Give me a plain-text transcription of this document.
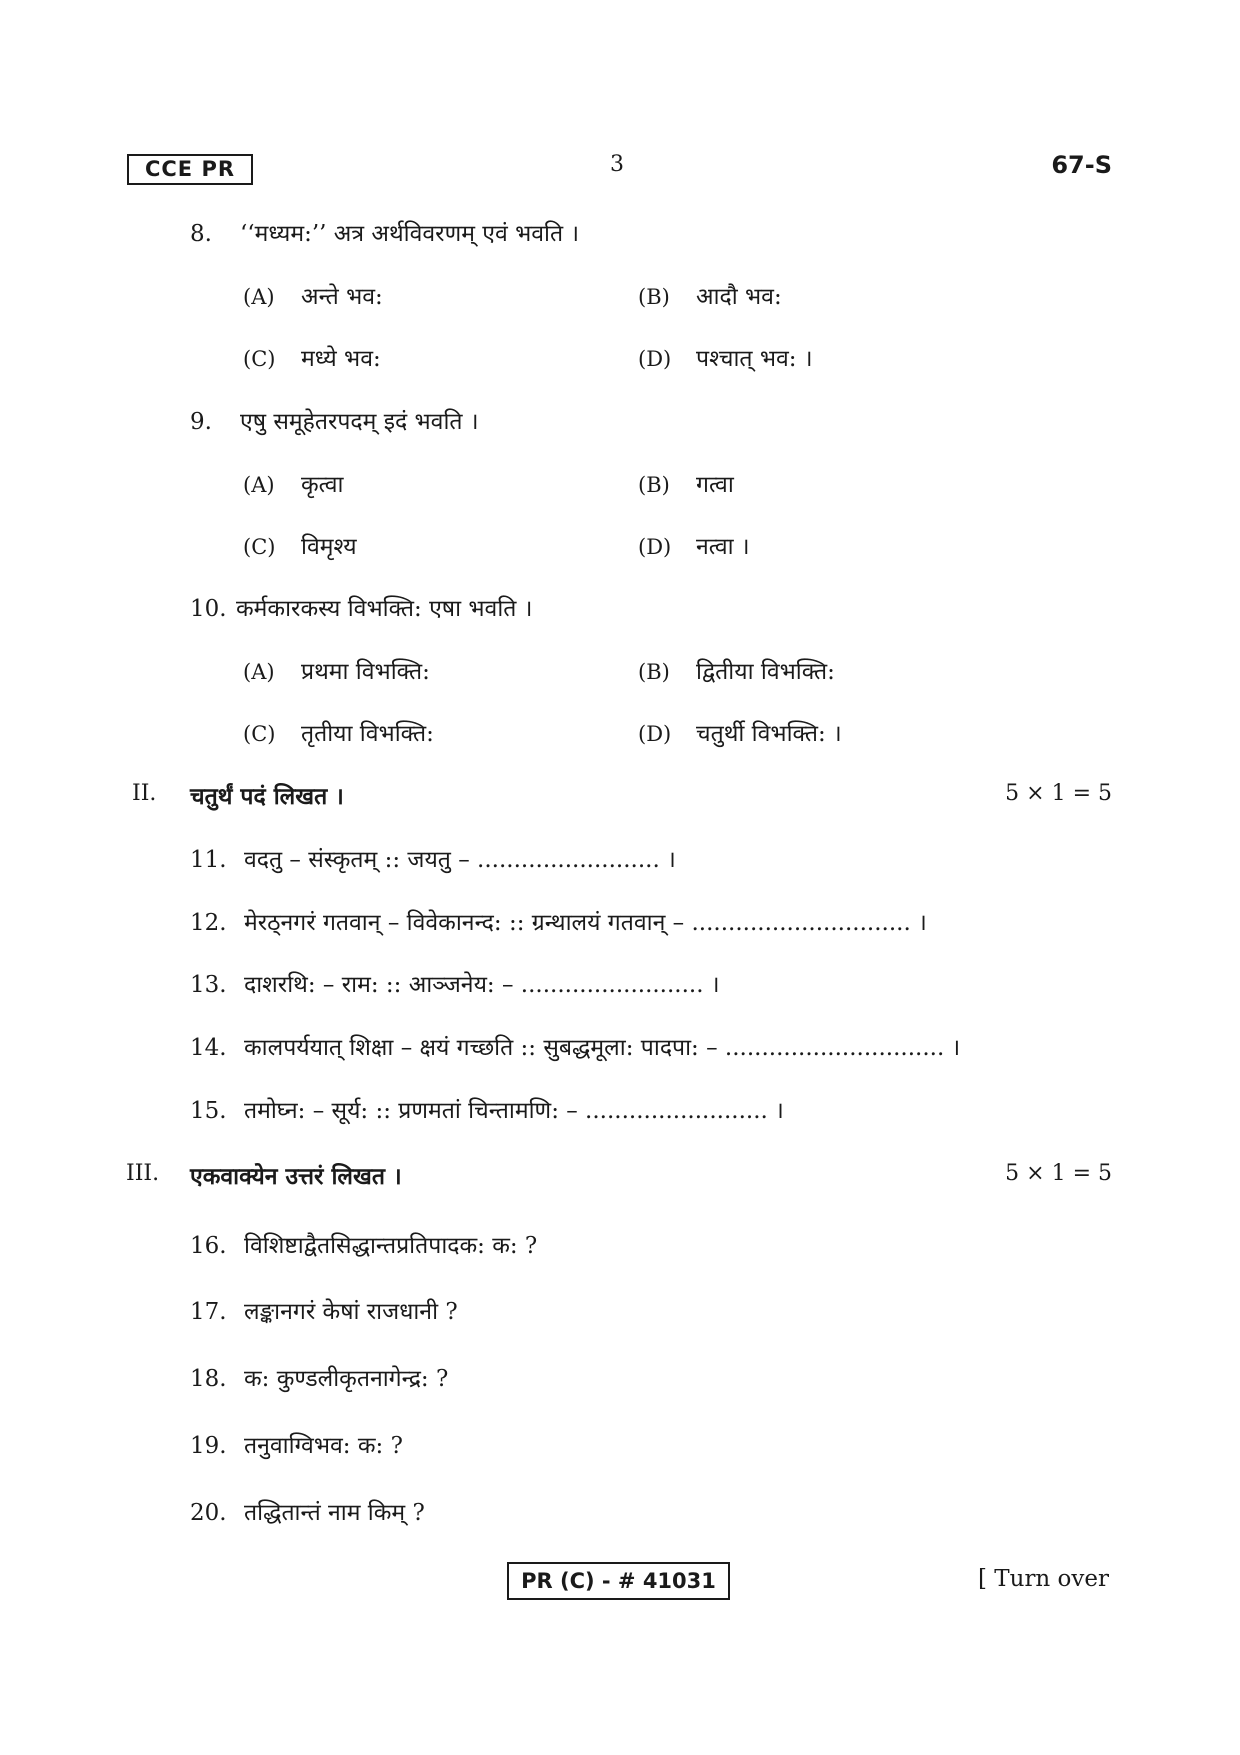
CCE PR	3	67-S
8. ‘‘मध्यम:’’ अत्र अर्थविवरणम् एवं भवति ।
(A) अन्ते भव:	(B) आदौ भव:
(C) मध्ये भव:	(D) पश्चात् भव: ।
9. एषु समूहेतरपदम् इदं भवति ।
(A) कृत्वा	(B) गत्वा
(C) विमृश्य	(D) नत्वा ।
10. कर्मकारकस्य विभक्ति: एषा भवति ।
(A) प्रथमा विभक्ति:	(B) द्वितीया विभक्ति:
(C) तृतीया विभक्ति:	(D) चतुर्थी विभक्ति: ।
II. चतुर्थं पदं लिखत ।	5 × 1 = 5
11. वदतु – संस्कृतम् :: जयतु – ......................... ।
12. मेरठ्नगरं गतवान् – विवेकानन्द: :: ग्रन्थालयं गतवान् – .............................. ।
13. दाशरथि: – राम: :: आञ्जनेय: – ......................... ।
14. कालपर्ययात् शिक्षा – क्षयं गच्छति :: सुबद्धमूला: पादपा: – .............................. ।
15. तमोघ्न: – सूर्य: :: प्रणमतां चिन्तामणि: – ......................... ।
III. एकवाक्येन उत्तरं लिखत ।	5 × 1 = 5
16. विशिष्टाद्वैतसिद्धान्तप्रतिपादक: क: ?
17. लङ्कानगरं केषां राजधानी ?
18. क: कुण्डलीकृतनागेन्द्र: ?
19. तनुवाग्विभव: क: ?
20. तद्धितान्तं नाम किम् ?
PR (C) - # 41031	[ Turn over
